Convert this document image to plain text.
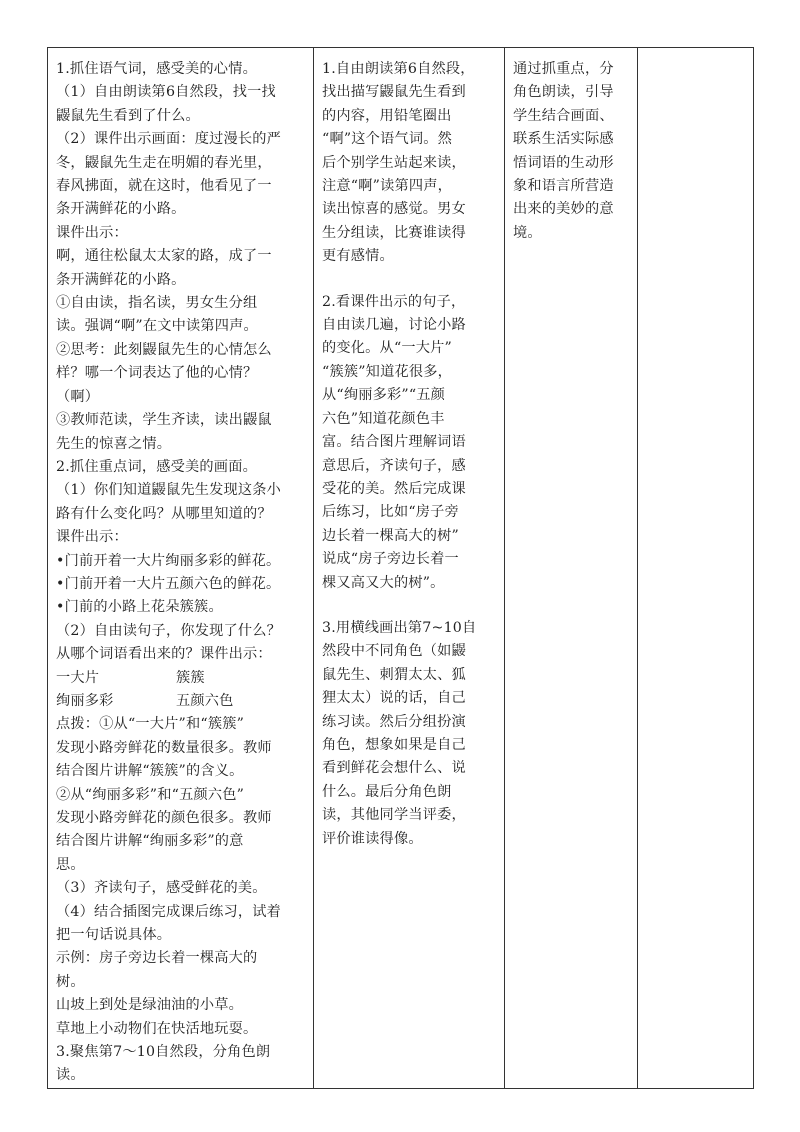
1.抓住语气词，感受美的心情。
（1）自由朗读第6自然段，找一找
鼹鼠先生看到了什么。
（2）课件出示画面：度过漫长的严
冬，鼹鼠先生走在明媚的春光里，
春风拂面，就在这时，他看见了一
条开满鲜花的小路。
课件出示：
啊，通往松鼠太太家的路，成了一
条开满鲜花的小路。
①自由读，指名读，男女生分组
读。强调“啊”在文中读第四声。
②思考：此刻鼹鼠先生的心情怎么
样？哪一个词表达了他的心情？
（啊）
③教师范读，学生齐读，读出鼹鼠
先生的惊喜之情。
2.抓住重点词，感受美的画面。
（1）你们知道鼹鼠先生发现这条小
路有什么变化吗？从哪里知道的？
课件出示：
•门前开着一大片绚丽多彩的鲜花。
•门前开着一大片五颜六色的鲜花。
•门前的小路上花朵簇簇。
（2）自由读句子，你发现了什么？
从哪个词语看出来的？课件出示：
一大片	簇簇
绚丽多彩	五颜六色
点拨：①从“一大片”和“簇簇”
发现小路旁鲜花的数量很多。教师
结合图片讲解“簇簇”的含义。
②从“绚丽多彩”和“五颜六色”
发现小路旁鲜花的颜色很多。教师
结合图片讲解“绚丽多彩”的意
思。
（3）齐读句子，感受鲜花的美。
（4）结合插图完成课后练习，试着
把一句话说具体。
示例：房子旁边长着一棵高大的
树。
山坡上到处是绿油油的小草。
草地上小动物们在快活地玩耍。
3.聚焦第7～10自然段，分角色朗
读。

1.自由朗读第6自然段，
找出描写鼹鼠先生看到
的内容，用铅笔圈出
“啊”这个语气词。然
后个别学生站起来读，
注意“啊”读第四声，
读出惊喜的感觉。男女
生分组读，比赛谁读得
更有感情。
2.看课件出示的句子，
自由读几遍，讨论小路
的变化。从“一大片”
“簇簇”知道花很多，
从“绚丽多彩”“五颜
六色”知道花颜色丰
富。结合图片理解词语
意思后，齐读句子，感
受花的美。然后完成课
后练习，比如“房子旁
边长着一棵高大的树”
说成“房子旁边长着一
棵又高又大的树”。
3.用横线画出第7~10自
然段中不同角色（如鼹
鼠先生、刺猬太太、狐
狸太太）说的话，自己
练习读。然后分组扮演
角色，想象如果是自己
看到鲜花会想什么、说
什么。最后分角色朗
读，其他同学当评委，
评价谁读得像。

通过抓重点，分
角色朗读，引导
学生结合画面、
联系生活实际感
悟词语的生动形
象和语言所营造
出来的美妙的意
境。
